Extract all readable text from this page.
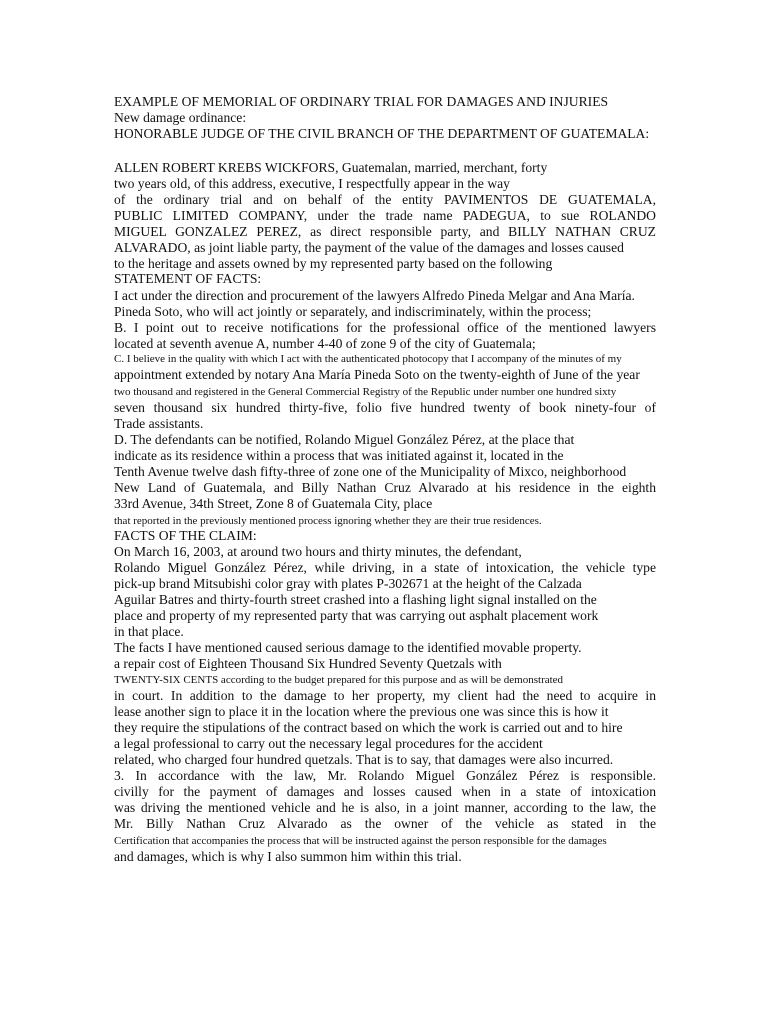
EXAMPLE OF MEMORIAL OF ORDINARY TRIAL FOR DAMAGES AND INJURIES
New damage ordinance:
HONORABLE JUDGE OF THE CIVIL BRANCH OF THE DEPARTMENT OF GUATEMALA:
ALLEN ROBERT KREBS WICKFORS, Guatemalan, married, merchant, forty
two years old, of this address, executive, I respectfully appear in the way
of the ordinary trial and on behalf of the entity PAVIMENTOS DE GUATEMALA,
PUBLIC LIMITED COMPANY, under the trade name PADEGUA, to sue ROLANDO
MIGUEL GONZALEZ PEREZ, as direct responsible party, and BILLY NATHAN CRUZ
ALVARADO, as joint liable party, the payment of the value of the damages and losses caused
to the heritage and assets owned by my represented party based on the following
STATEMENT OF FACTS:
I act under the direction and procurement of the lawyers Alfredo Pineda Melgar and Ana María.
Pineda Soto, who will act jointly or separately, and indiscriminately, within the process;
B. I point out to receive notifications for the professional office of the mentioned lawyers
located at seventh avenue A, number 4-40 of zone 9 of the city of Guatemala;
C. I believe in the quality with which I act with the authenticated photocopy that I accompany of the minutes of my
appointment extended by notary Ana María Pineda Soto on the twenty-eighth of June of the year
two thousand and registered in the General Commercial Registry of the Republic under number one hundred sixty
seven thousand six hundred thirty-five, folio five hundred twenty of book ninety-four of
Trade assistants.
D. The defendants can be notified, Rolando Miguel González Pérez, at the place that
indicate as its residence within a process that was initiated against it, located in the
Tenth Avenue twelve dash fifty-three of zone one of the Municipality of Mixco, neighborhood
New Land of Guatemala, and Billy Nathan Cruz Alvarado at his residence in the eighth
33rd Avenue, 34th Street, Zone 8 of Guatemala City, place
that reported in the previously mentioned process ignoring whether they are their true residences.
FACTS OF THE CLAIM:
On March 16, 2003, at around two hours and thirty minutes, the defendant,
Rolando Miguel González Pérez, while driving, in a state of intoxication, the vehicle type
pick-up brand Mitsubishi color gray with plates P-302671 at the height of the Calzada
Aguilar Batres and thirty-fourth street crashed into a flashing light signal installed on the
place and property of my represented party that was carrying out asphalt placement work
in that place.
The facts I have mentioned caused serious damage to the identified movable property.
a repair cost of Eighteen Thousand Six Hundred Seventy Quetzals with
TWENTY-SIX CENTS according to the budget prepared for this purpose and as will be demonstrated
in court. In addition to the damage to her property, my client had the need to acquire in
lease another sign to place it in the location where the previous one was since this is how it
they require the stipulations of the contract based on which the work is carried out and to hire
a legal professional to carry out the necessary legal procedures for the accident
related, who charged four hundred quetzals. That is to say, that damages were also incurred.
3. In accordance with the law, Mr. Rolando Miguel González Pérez is responsible.
civilly for the payment of damages and losses caused when in a state of intoxication
was driving the mentioned vehicle and he is also, in a joint manner, according to the law, the
Mr. Billy Nathan Cruz Alvarado as the owner of the vehicle as stated in the
Certification that accompanies the process that will be instructed against the person responsible for the damages
and damages, which is why I also summon him within this trial.
